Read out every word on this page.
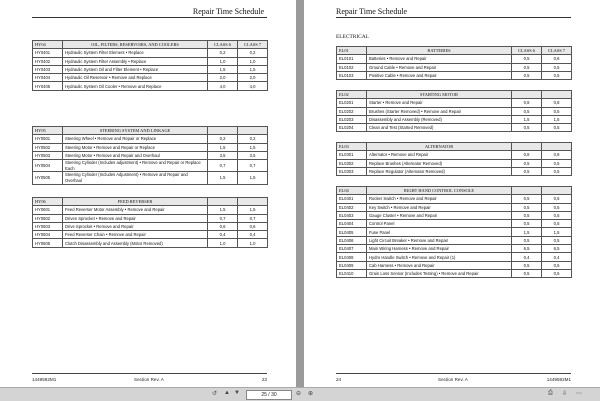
Repair Time Schedule
HY04	OIL, FILTERS, RESERVOIRS, AND COOLERS	CLASS 6	CLASS 7
HY0401	Hydraulic System Filter Element • Replace	0,2	0,2
HY0402	Hydraulic System Filter Assembly • Replace	1,0	1,0
HY0403	Hydraulic System Oil and Filter Element • Replace	1,5	1,5
HY0404	Hydraulic Oil Reservoir • Remove and Replace	2,0	2,0
HY0405	Hydraulic System Oil Cooler • Remove and Replace	4,0	4,0
HY05	STEERING SYSTEM AND LINKAGE		
HY0501	Steering Wheel • Remove and Repair or Replace	0,2	0,2
HY0502	Steering Motor • Remove and Repair or Replace	1,5	1,5
HY0503	Steering Motor • Remove and Repair and Overhaul	3,5	3,5
HY0504	Steering Cylinder (Includes adjustment) • Remove and Repair or Replace Each	0,7	0,7
HY0505	Steering Cylinder (Includes Adjustment) • Remove and Repair and Overhaul	1,5	1,5
HY06	FEED REVERSER		
HY0601	Feed Reverser Motor Assembly • Remove and Repair	1,5	1,5
HY0602	Driven Sprocket • Remove and Repair	0,7	0,7
HY0603	Drive Sprocket • Remove and Repair	0,6	0,6
HY0604	Feed Reverser Chain • Remove and Repair	0,4	0,4
HY0605	Clutch Disassembly and Assembly (Motor Removed)	1,0	1,0
1449592M1	Section Rev. A	23
Repair Time Schedule
ELECTRICAL
EL01	BATTERIES	CLASS 6	CLASS 7
EL0101	Batteries • Remove and Repair	0,5	0,6
EL0102	Ground Cable • Remove and Repair	0,5	0,5
EL0103	Positive Cable • Remove and Repair	0,5	0,5
EL02	STARTING MOTOR		
EL0201	Starter • Remove and Repair	0,8	0,8
EL0202	Brushes (Starter Removed) • Remove and Repair	0,5	0,5
EL0203	Disassembly and Assembly (Removed)	1,5	1,5
EL0204	Clean and Test (Started Removed)	0,5	0,5
EL03	ALTERNATOR		
EL0301	Alternator • Remove and Repair	0,8	0,8
EL0302	Replace Brushes (Alternator Removed)	0,5	0,5
EL0303	Replace Regulator (Alternator Removed)	0,5	0,5
EL04	RIGHT HAND CONTROL CONSOLE		
EL0401	Rocker Switch • Remove and Repair	0,5	0,5
EL0402	Key Switch • Remove and Repair	0,5	0,5
EL0403	Gauge Cluster • Remove and Repair	0,5	0,5
EL0404	Control Panel	0,5	0,5
EL0405	Fuse Panel	1,5	1,5
EL0406	Light Circuit Breaker • Remove and Repair	0,5	0,5
EL0407	Main Wiring Harness • Remove and Repair	6,5	6,5
EL0408	Hydro Handle Switch • Remove and Repair (1)	0,4	0,4
EL0409	Cab Harness • Remove and Repair	0,5	0,5
EL0410	Grain Loss Sensor (Includes Testing) • Remove and Repair	0,5	0,5
24	Section Rev. A	1449592M1
↺ ▲ ▼	25 / 30	⊖ ⊕	⎙ ⇩ ⋯
